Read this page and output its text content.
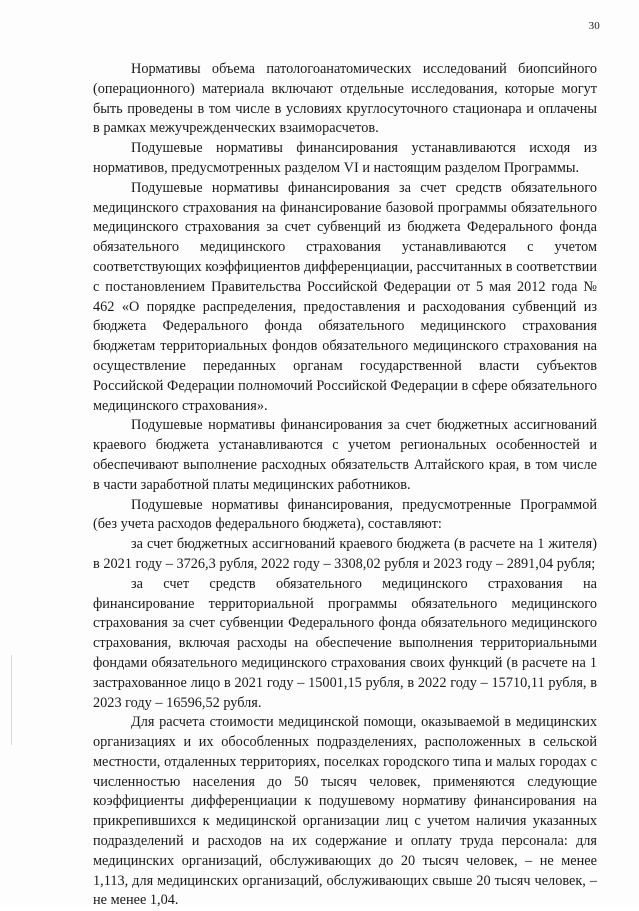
30

Нормативы объема патологоанатомических исследований биопсийного (операционного) материала включают отдельные исследования, которые могут быть проведены в том числе в условиях круглосуточного стационара и оплачены в рамках межучрежденческих взаиморасчетов.

Подушевые нормативы финансирования устанавливаются исходя из нормативов, предусмотренных разделом VI и настоящим разделом Программы.

Подушевые нормативы финансирования за счет средств обязательного медицинского страхования на финансирование базовой программы обязательного медицинского страхования за счет субвенций из бюджета Федерального фонда обязательного медицинского страхования устанавливаются с учетом соответствующих коэффициентов дифференциации, рассчитанных в соответствии с постановлением Правительства Российской Федерации от 5 мая 2012 года № 462 «О порядке распределения, предоставления и расходования субвенций из бюджета Федерального фонда обязательного медицинского страхования бюджетам территориальных фондов обязательного медицинского страхования на осуществление переданных органам государственной власти субъектов Российской Федерации полномочий Российской Федерации в сфере обязательного медицинского страхования».

Подушевые нормативы финансирования за счет бюджетных ассигнований краевого бюджета устанавливаются с учетом региональных особенностей и обеспечивают выполнение расходных обязательств Алтайского края, в том числе в части заработной платы медицинских работников.

Подушевые нормативы финансирования, предусмотренные Программой (без учета расходов федерального бюджета), составляют:

за счет бюджетных ассигнований краевого бюджета (в расчете на 1 жителя) в 2021 году – 3726,3 рубля, 2022 году – 3308,02 рубля и 2023 году – 2891,04 рубля;

за счет средств обязательного медицинского страхования на финансирование территориальной программы обязательного медицинского страхования за счет субвенции Федерального фонда обязательного медицинского страхования, включая расходы на обеспечение выполнения территориальными фондами обязательного медицинского страхования своих функций (в расчете на 1 застрахованное лицо в 2021 году – 15001,15 рубля, в 2022 году – 15710,11 рубля, в 2023 году – 16596,52 рубля.

Для расчета стоимости медицинской помощи, оказываемой в медицинских организациях и их обособленных подразделениях, расположенных в сельской местности, отдаленных территориях, поселках городского типа и малых городах с численностью населения до 50 тысяч человек, применяются следующие коэффициенты дифференциации к подушевому нормативу финансирования на прикрепившихся к медицинской организации лиц с учетом наличия указанных подразделений и расходов на их содержание и оплату труда персонала: для медицинских организаций, обслуживающих до 20 тысяч человек, – не менее 1,113, для медицинских организаций, обслуживающих свыше 20 тысяч человек, – не менее 1,04.
